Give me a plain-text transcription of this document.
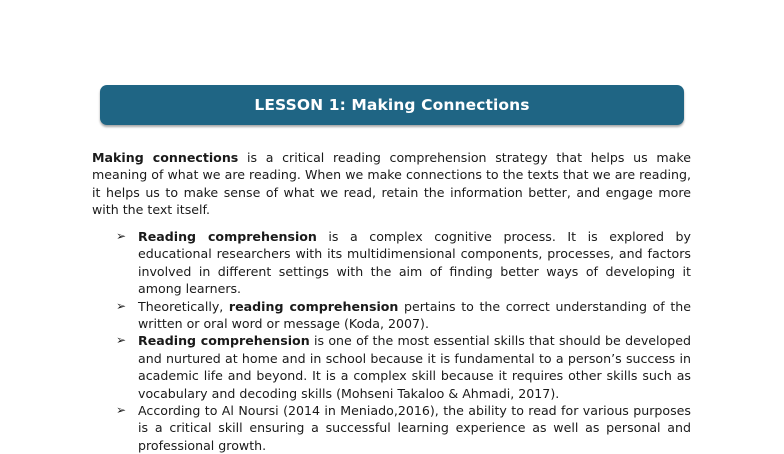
LESSON 1: Making Connections

Making connections is a critical reading comprehension strategy that helps us make meaning of what we are reading. When we make connections to the texts that we are reading, it helps us to make sense of what we read, retain the information better, and engage more with the text itself.

➢ Reading comprehension is a complex cognitive process. It is explored by educational researchers with its multidimensional components, processes, and factors involved in different settings with the aim of finding better ways of developing it among learners.
➢ Theoretically, reading comprehension pertains to the correct understanding of the written or oral word or message (Koda, 2007).
➢ Reading comprehension is one of the most essential skills that should be developed and nurtured at home and in school because it is fundamental to a person’s success in academic life and beyond. It is a complex skill because it requires other skills such as vocabulary and decoding skills (Mohseni Takaloo & Ahmadi, 2017).
➢ According to Al Noursi (2014 in Meniado,2016), the ability to read for various purposes is a critical skill ensuring a successful learning experience as well as personal and professional growth.
